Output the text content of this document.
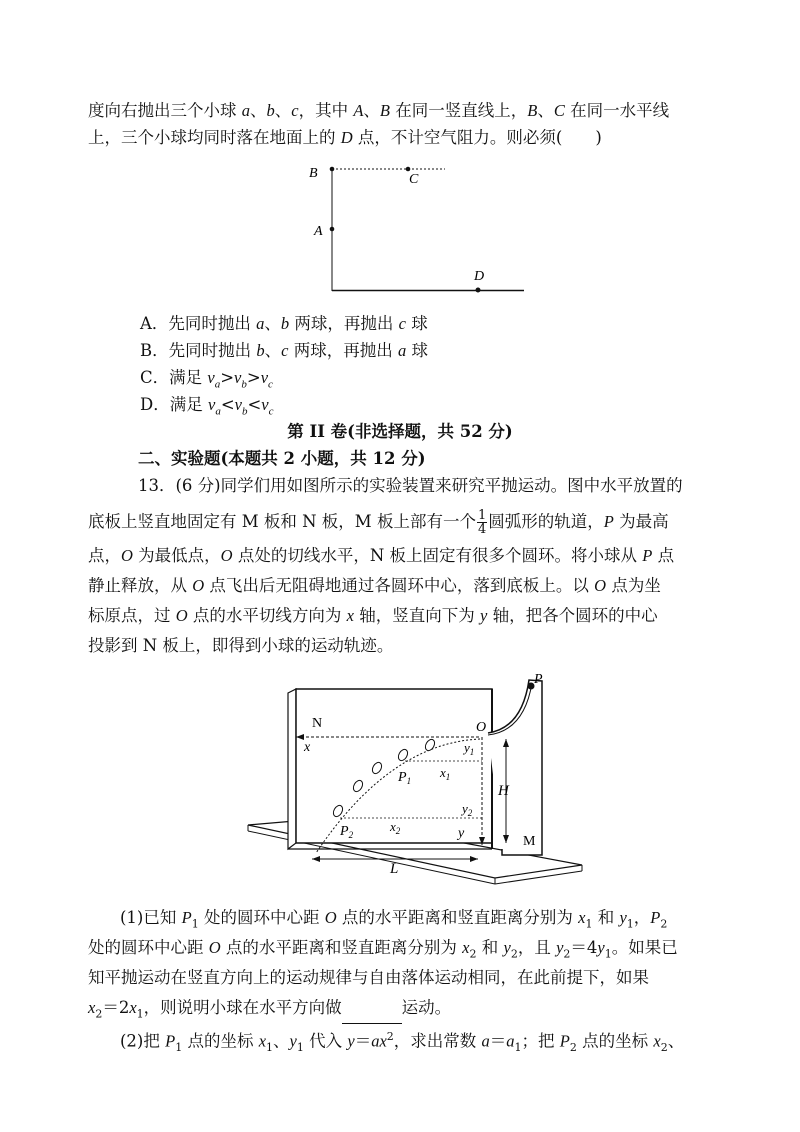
度向右抛出三个小球 a、b、c，其中 A、B 在同一竖直线上，B、C 在同一水平线
上，三个小球均同时落在地面上的 D 点，不计空气阻力。则必须(　　)
B	C
A
D
A．先同时抛出 a、b 两球，再抛出 c 球
B．先同时抛出 b、c 两球，再抛出 a 球
C．满足 $v_a>v_b>v_c$
D．满足 $v_a<v_b<v_c$
第 II 卷(非选择题，共 52 分)
二、实验题(本题共 2 小题，共 12 分)
13．(6 分)同学们用如图所示的实验装置来研究平抛运动。图中水平放置的
底板上竖直地固定有 M 板和 N 板，M 板上部有一个 $\frac{1}{4}$ 圆弧形的轨道，P 为最高
点，O 为最低点，O 点处的切线水平，N 板上固定有很多个圆环。将小球从 P 点
静止释放，从 O 点飞出后无阻碍地通过各圆环中心，落到底板上。以 O 点为坐
标原点，过 O 点的水平切线方向为 x 轴，竖直向下为 y 轴，把各个圆环的中心
投影到 N 板上，即得到小球的运动轨迹。
P
N	O
x	$y_1$
$P_1$
$x_1$
H
$y_2$
$P_2$
$x_2$	y
M
L
(1)已知 $P_1$ 处的圆环中心距 O 点的水平距离和竖直距离分别为 $x_1$ 和 $y_1$，$P_2$
处的圆环中心距 O 点的水平距离和竖直距离分别为 $x_2$ 和 $y_2$，且 $y_2=4y_1$。如果已
知平抛运动在竖直方向上的运动规律与自由落体运动相同，在此前提下，如果
$x_2=2x_1$，则说明小球在水平方向做	运动。
(2)把 $P_1$ 点的坐标 $x_1$、$y_1$ 代入 $y=ax^2$，求出常数 $a=a_1$；把 $P_2$ 点的坐标 $x_2$、
